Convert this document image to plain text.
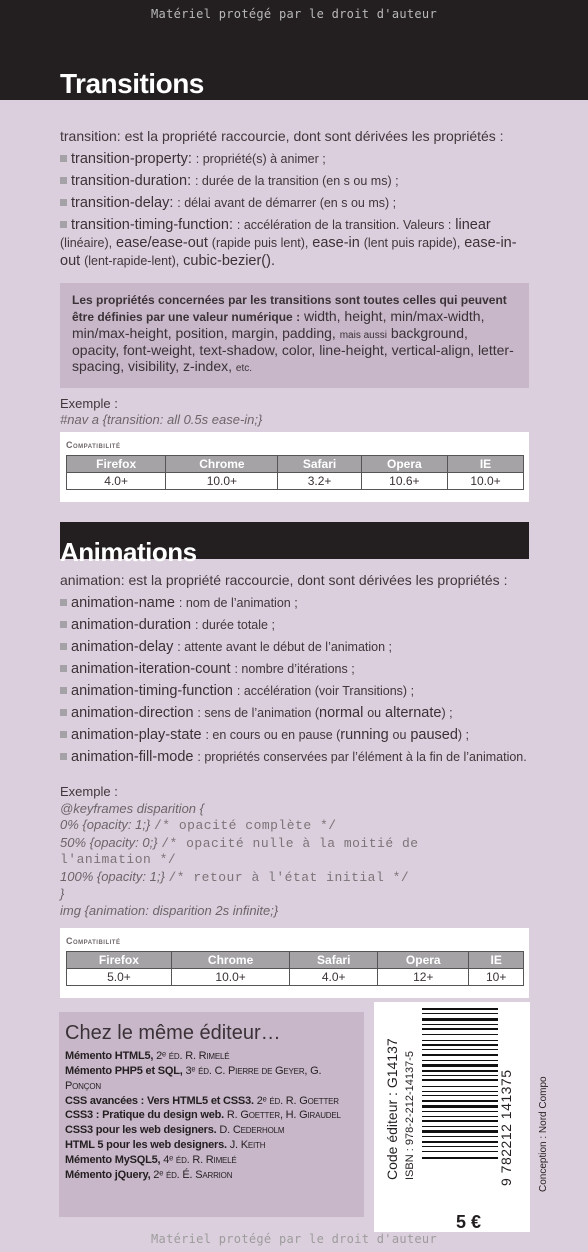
Matériel protégé par le droit d'auteur
Transitions
transition: est la propriété raccourcie, dont sont dérivées les propriétés :
transition-property: : propriété(s) à animer ;
transition-duration: : durée de la transition (en s ou ms) ;
transition-delay: : délai avant de démarrer (en s ou ms) ;
transition-timing-function: : accélération de la transition. Valeurs : linear (linéaire), ease/ease-out (rapide puis lent), ease-in (lent puis rapide), ease-in-out (lent-rapide-lent), cubic-bezier().
Les propriétés concernées par les transitions sont toutes celles qui peuvent être définies par une valeur numérique : width, height, min/max-width, min/max-height, position, margin, padding, mais aussi background, opacity, font-weight, text-shadow, color, line-height, vertical-align, letter-spacing, visibility, z-index, etc.
Exemple :
#nav a {transition: all 0.5s ease-in;}
Compatibilité
Firefox	Chrome	Safari	Opera	IE
4.0+	10.0+	3.2+	10.6+	10.0+
Animations
animation: est la propriété raccourcie, dont sont dérivées les propriétés :
animation-name : nom de l’animation ;
animation-duration : durée totale ;
animation-delay : attente avant le début de l’animation ;
animation-iteration-count : nombre d’itérations ;
animation-timing-function : accélération (voir Transitions) ;
animation-direction : sens de l’animation (normal ou alternate) ;
animation-play-state : en cours ou en pause (running ou paused) ;
animation-fill-mode : propriétés conservées par l’élément à la fin de l’animation.
Exemple :
@keyframes disparition {
0% {opacity: 1;} /* opacité complète */
50% {opacity: 0;} /* opacité nulle à la moitié de
l'animation */
100% {opacity: 1;} /* retour à l'état initial */
}
img {animation: disparition 2s infinite;}
Compatibilité
Firefox	Chrome	Safari	Opera	IE
5.0+	10.0+	4.0+	12+	10+
Chez le même éditeur…
Mémento HTML5, 2ᵉ éd. R. Rimelé
Mémento PHP5 et SQL, 3ᵉ éd. C. Pierre de Geyer, G. Ponçon
CSS avancées : Vers HTML5 et CSS3. 2ᵉ éd. R. Goetter
CSS3 : Pratique du design web. R. Goetter, H. Giraudel
CSS3 pour les web designers. D. Cederholm
HTML 5 pour les web designers. J. Keith
Mémento MySQL5, 4ᵉ éd. R. Rimelé
Mémento jQuery, 2ᵉ éd. É. Sarrion	Code éditeur : G14137 ISBN : 978-2-212-14137-5	9 782212 141375 Conception : Nord Compo
5 €
Matériel protégé par le droit d'auteur
